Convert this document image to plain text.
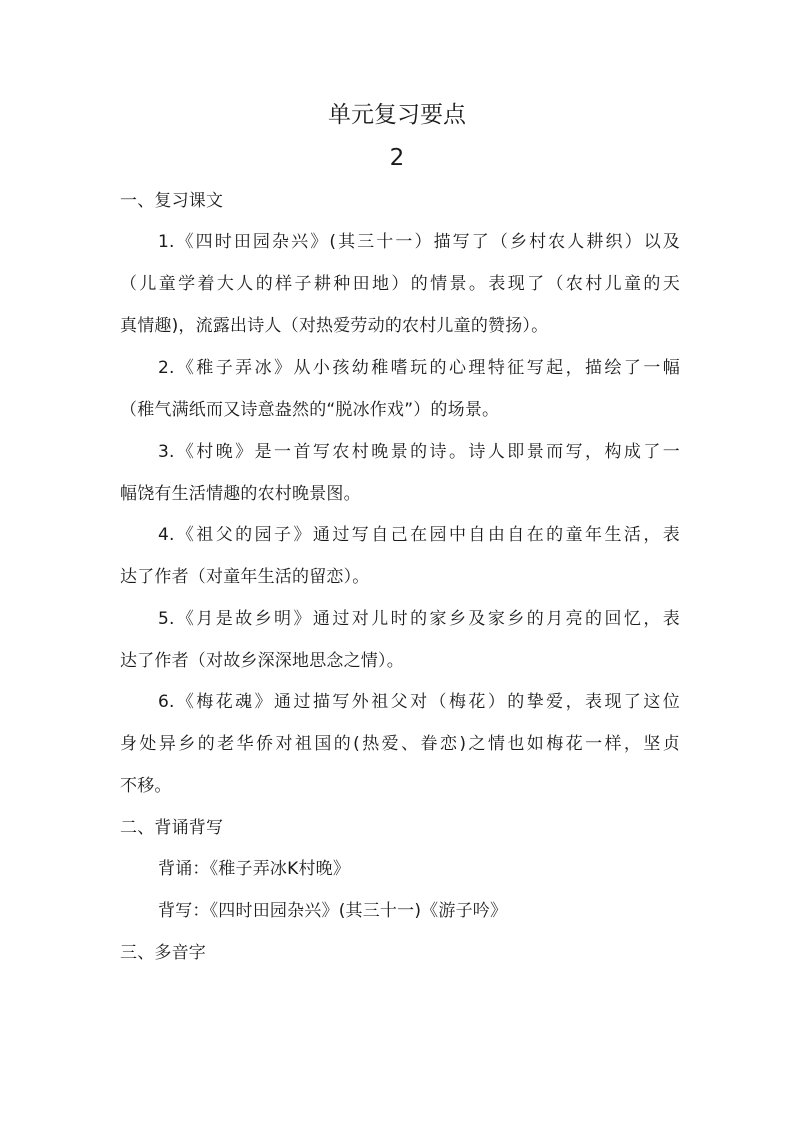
单元复习要点
2
一、复习课文
1.《四时田园杂兴》(其三十一）描写了（乡村农人耕织）以及
（儿童学着大人的样子耕种田地）的情景。表现了（农村儿童的天
真情趣)，流露出诗人（对热爱劳动的农村儿童的赞扬）。
2.《稚子弄冰》从小孩幼稚嗜玩的心理特征写起，描绘了一幅
（稚气满纸而又诗意盎然的“脱冰作戏”）的场景。
3.《村晚》是一首写农村晚景的诗。诗人即景而写，构成了一
幅饶有生活情趣的农村晚景图。
4.《祖父的园子》通过写自己在园中自由自在的童年生活，表
达了作者（对童年生活的留恋）。
5.《月是故乡明》通过对儿时的家乡及家乡的月亮的回忆，表
达了作者（对故乡深深地思念之情）。
6.《梅花魂》通过描写外祖父对（梅花）的挚爱，表现了这位
身处异乡的老华侨对祖国的(热爱、眷恋)之情也如梅花一样，坚贞
不移。
二、背诵背写
背诵：《稚子弄冰K村晚》
背写：《四时田园杂兴》(其三十一)《游子吟》
三、多音字
